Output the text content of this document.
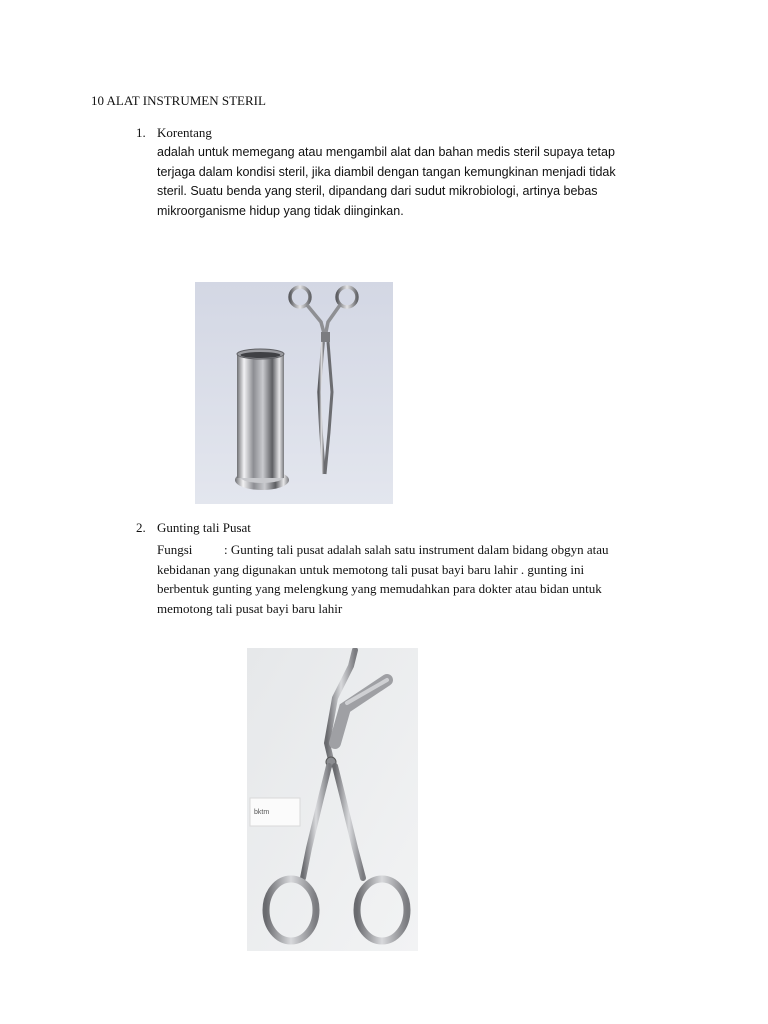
10 ALAT INSTRUMEN STERIL
1. Korentang
adalah untuk memegang atau mengambil alat dan bahan medis steril supaya tetap
terjaga dalam kondisi steril, jika diambil dengan tangan kemungkinan menjadi tidak
steril. Suatu benda yang steril, dipandang dari sudut mikrobiologi, artinya bebas
mikroorganisme hidup yang tidak diinginkan.
2. Gunting tali Pusat
Fungsi : Gunting tali pusat adalah salah satu instrument dalam bidang obgyn atau
kebidanan yang digunakan untuk memotong tali pusat bayi baru lahir . gunting ini
berbentuk gunting yang melengkung yang memudahkan para dokter atau bidan untuk
memotong tali pusat bayi baru lahir
bktm
